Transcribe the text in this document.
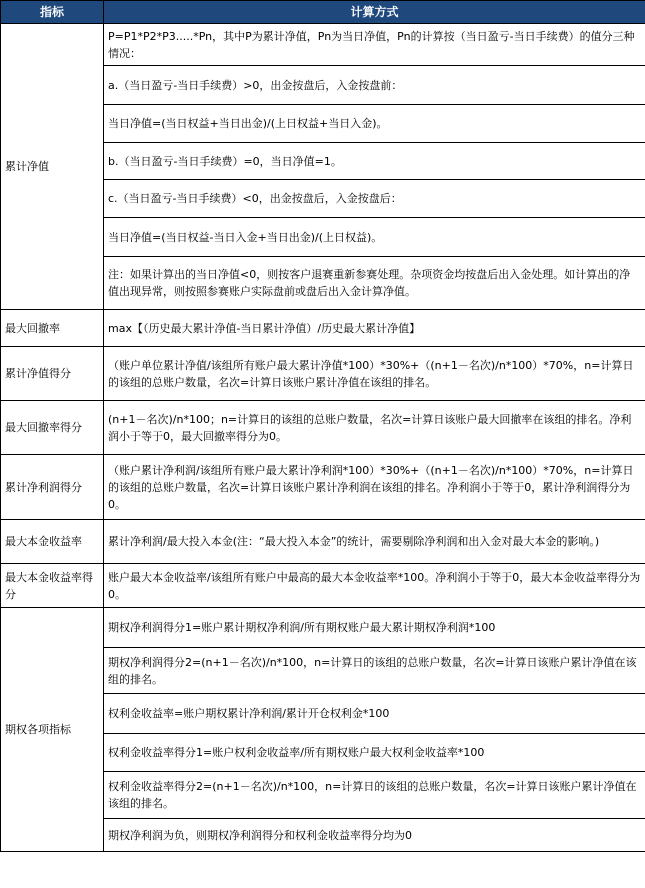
指标	计算方式
累计净值	P=P1*P2*P3.....*Pn，其中P为累计净值，Pn为当日净值，Pn的计算按（当日盈亏-当日手续费）的值分三种情况：
	a.（当日盈亏-当日手续费）>0，出金按盘后，入金按盘前：
	当日净值=(当日权益+当日出金)/(上日权益+当日入金)。
	b.（当日盈亏-当日手续费）=0，当日净值=1。
	c.（当日盈亏-当日手续费）<0，出金按盘后，入金按盘后：
	当日净值=(当日权益-当日入金+当日出金)/(上日权益)。
	注：如果计算出的当日净值<0，则按客户退赛重新参赛处理。杂项资金均按盘后出入金处理。如计算出的净值出现异常，则按照参赛账户实际盘前或盘后出入金计算净值。
最大回撤率	max【（历史最大累计净值-当日累计净值）/历史最大累计净值】
累计净值得分	（账户单位累计净值/该组所有账户最大累计净值*100）*30%+（(n+1－名次)/n*100）*70%，n=计算日的该组的总账户数量，名次=计算日该账户累计净值在该组的排名。
最大回撤率得分	(n+1－名次)/n*100；n=计算日的该组的总账户数量，名次=计算日该账户最大回撤率在该组的排名。净利润小于等于0，最大回撤率得分为0。
累计净利润得分	（账户累计净利润/该组所有账户最大累计净利润*100）*30%+（(n+1－名次)/n*100）*70%，n=计算日的该组的总账户数量，名次=计算日该账户累计净利润在该组的排名。净利润小于等于0，累计净利润得分为0。
最大本金收益率	累计净利润/最大投入本金(注：“最大投入本金”的统计，需要剔除净利润和出入金对最大本金的影响。)
最大本金收益率得分	账户最大本金收益率/该组所有账户中最高的最大本金收益率*100。净利润小于等于0，最大本金收益率得分为0。
期权各项指标	期权净利润得分1=账户累计期权净利润/所有期权账户最大累计期权净利润*100
	期权净利润得分2=(n+1－名次)/n*100，n=计算日的该组的总账户数量，名次=计算日该账户累计净值在该组的排名。
	权利金收益率=账户期权累计净利润/累计开仓权利金*100
	权利金收益率得分1=账户权利金收益率/所有期权账户最大权利金收益率*100
	权利金收益率得分2=(n+1－名次)/n*100，n=计算日的该组的总账户数量，名次=计算日该账户累计净值在该组的排名。
	期权净利润为负，则期权净利润得分和权利金收益率得分均为0
